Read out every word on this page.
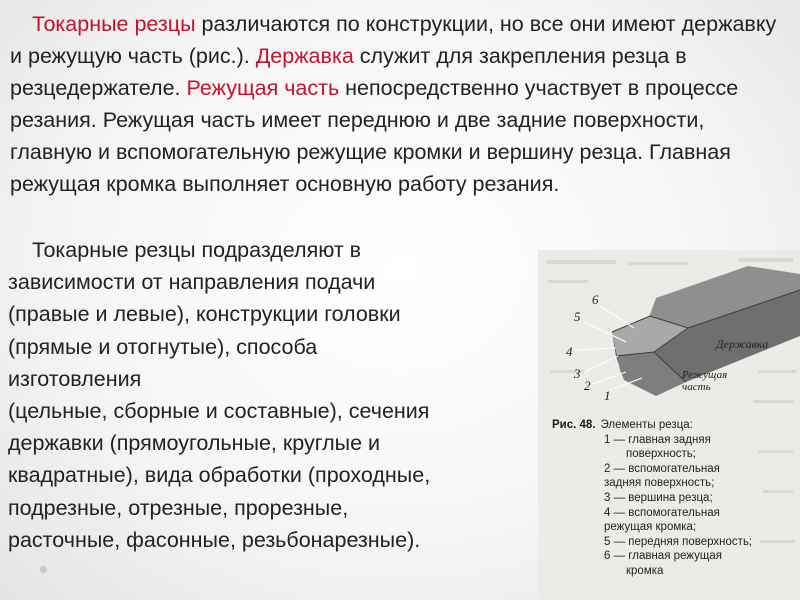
Токарные резцы различаются по конструкции, но все они имеют державку и режущую часть (рис.). Державка служит для закрепления резца в резцедержателе. Режущая часть непосредственно участвует в процессе резания. Режущая часть имеет переднюю и две задние поверхности, главную и вспомогательную режущие кромки и вершину резца. Главная режущая кромка выполняет основную работу резания.

Токарные резцы подразделяют в
зависимости от направления подачи
(правые и левые), конструкции головки
(прямые и отогнутые), способа
изготовления
(цельные, сборные и составные), сечения
державки (прямоугольные, круглые и
квадратные), вида обработки (проходные,
подрезные, отрезные, прорезные,
расточные, фасонные, резьбонарезные).

6
5
4
3
2
1
Державка
Режущая
часть
Рис. 48. Элементы резца:
1 — главная задняя
поверхность;
2 — вспомогательная
задняя поверхность;
3 — вершина резца;
4 — вспомогательная
режущая кромка;
5 — передняя поверхность;
6 — главная режущая
кромка
